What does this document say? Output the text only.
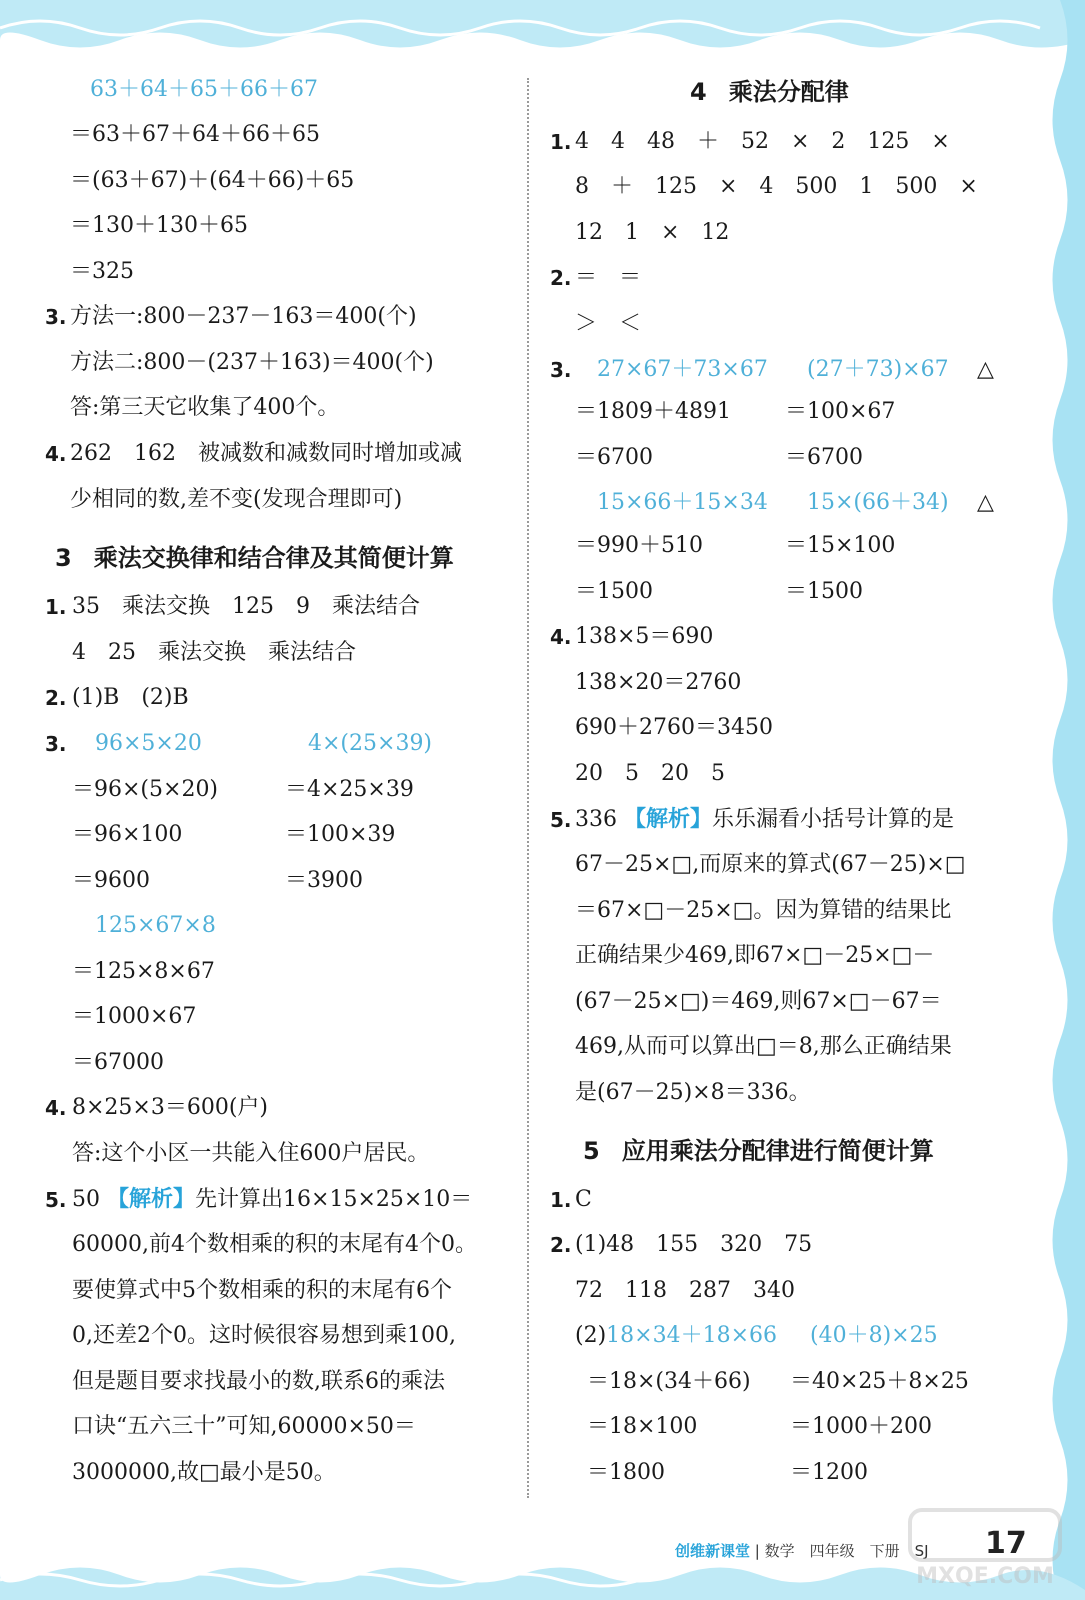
63＋64＋65＋66＋67
＝63＋67＋64＋66＋65
＝(63＋67)＋(64＋66)＋65
＝130＋130＋65
＝325
3. 方法一:800－237－163＝400(个)
方法二:800－(237＋163)＝400(个)
答:第三天它收集了400个。
4. 262　162　被减数和减数同时增加或减
少相同的数,差不变(发现合理即可)
3 乘法交换律和结合律及其简便计算
1. 35　乘法交换　125　9　乘法结合
4　25　乘法交换　乘法结合
2. (1)B　(2)B
3. 96×5×20	4×(25×39)
＝96×(5×20)	＝4×25×39
＝96×100	＝100×39
＝9600	＝3900
125×67×8
＝125×8×67
＝1000×67
＝67000
4. 8×25×3＝600(户)
答:这个小区一共能入住600户居民。
5. 50 【解析】先计算出16×15×25×10＝
60000,前4个数相乘的积的末尾有4个0。
要使算式中5个数相乘的积的末尾有6个
0,还差2个0。这时候很容易想到乘100,
但是题目要求找最小的数,联系6的乘法
口诀“五六三十”可知,60000×50＝
3000000,故□最小是50。
4 乘法分配律
1. 4　4　48　＋　52　×　2　125　×
8　＋　125　×　4　500　1　500　×
12　1　×　12
2. ＝　＝
＞　＜
3. 27×67＋73×67 (27＋73)×67 △
＝1809＋4891 ＝100×67
＝6700	＝6700
15×66＋15×34 15×(66＋34) △
＝990＋510	＝15×100
＝1500	＝1500
4. 138×5＝690
138×20＝2760
690＋2760＝3450
20　5　20　5
5. 336 【解析】乐乐漏看小括号计算的是
67－25×□,而原来的算式(67－25)×□
＝67×□－25×□。因为算错的结果比
正确结果少469,即67×□－25×□－
(67－25×□)＝469,则67×□－67＝
469,从而可以算出□＝8,那么正确结果
是(67－25)×8＝336。
5 应用乘法分配律进行简便计算
1. C
2. (1)48　155　320　75
72　118　287　340
(2)18×34＋18×66 (40＋8)×25
＝18×(34＋66) ＝40×25＋8×25
＝18×100	＝1000＋200
＝1800	＝1200
创维新课堂 | 数学　四年级　下册　SJ 17
MXQE.COM
